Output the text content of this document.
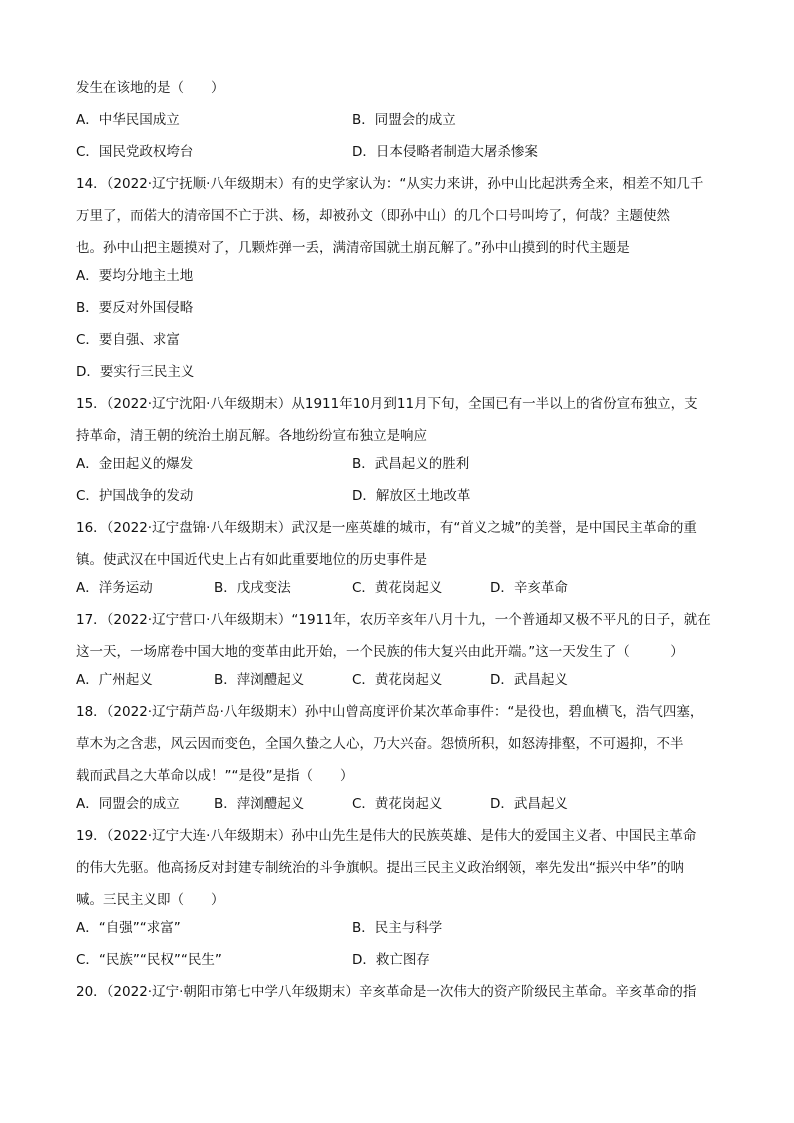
发生在该地的是（　　）
A．中华民国成立	B．同盟会的成立
C．国民党政权垮台	D．日本侵略者制造大屠杀惨案
14．（2022·辽宁抚顺·八年级期末）有的史学家认为：“从实力来讲，孙中山比起洪秀全来，相差不知几千
万里了，而偌大的清帝国不亡于洪、杨，却被孙文（即孙中山）的几个口号叫垮了，何哉？主题使然
也。孙中山把主题摸对了，几颗炸弹一丢，满清帝国就土崩瓦解了。”孙中山摸到的时代主题是
A．要均分地主土地
B．要反对外国侵略
C．要自强、求富
D．要实行三民主义
15．（2022·辽宁沈阳·八年级期末）从1911年10月到11月下旬，全国已有一半以上的省份宣布独立，支
持革命，清王朝的统治土崩瓦解。各地纷纷宣布独立是响应
A．金田起义的爆发	B．武昌起义的胜利
C．护国战争的发动	D．解放区土地改革
16．（2022·辽宁盘锦·八年级期末）武汉是一座英雄的城市，有“首义之城”的美誉，是中国民主革命的重
镇。使武汉在中国近代史上占有如此重要地位的历史事件是
A．洋务运动	B．戊戌变法	C．黄花岗起义	D．辛亥革命
17．（2022·辽宁营口·八年级期末）“1911年，农历辛亥年八月十九，一个普通却又极不平凡的日子，就在
这一天，一场席卷中国大地的变革由此开始，一个民族的伟大复兴由此开端。”这一天发生了（　　　）
A．广州起义	B．萍浏醴起义	C．黄花岗起义	D．武昌起义
18．（2022·辽宁葫芦岛·八年级期末）孙中山曾高度评价某次革命事件：“是役也，碧血横飞，浩气四塞，
草木为之含悲，风云因而变色，全国久蛰之人心，乃大兴奋。怨愤所积，如怒涛排壑，不可遏抑，不半
载而武昌之大革命以成！”“是役”是指（　　）
A．同盟会的成立	B．萍浏醴起义	C．黄花岗起义	D．武昌起义
19．（2022·辽宁大连·八年级期末）孙中山先生是伟大的民族英雄、是伟大的爱国主义者、中国民主革命
的伟大先驱。他高扬反对封建专制统治的斗争旗帜。提出三民主义政治纲领，率先发出“振兴中华”的呐
喊。三民主义即（　　）
A．“自强”“求富”	B．民主与科学
C．“民族”“民权”“民生”	D．救亡图存
20．（2022·辽宁·朝阳市第七中学八年级期末）辛亥革命是一次伟大的资产阶级民主革命。辛亥革命的指
